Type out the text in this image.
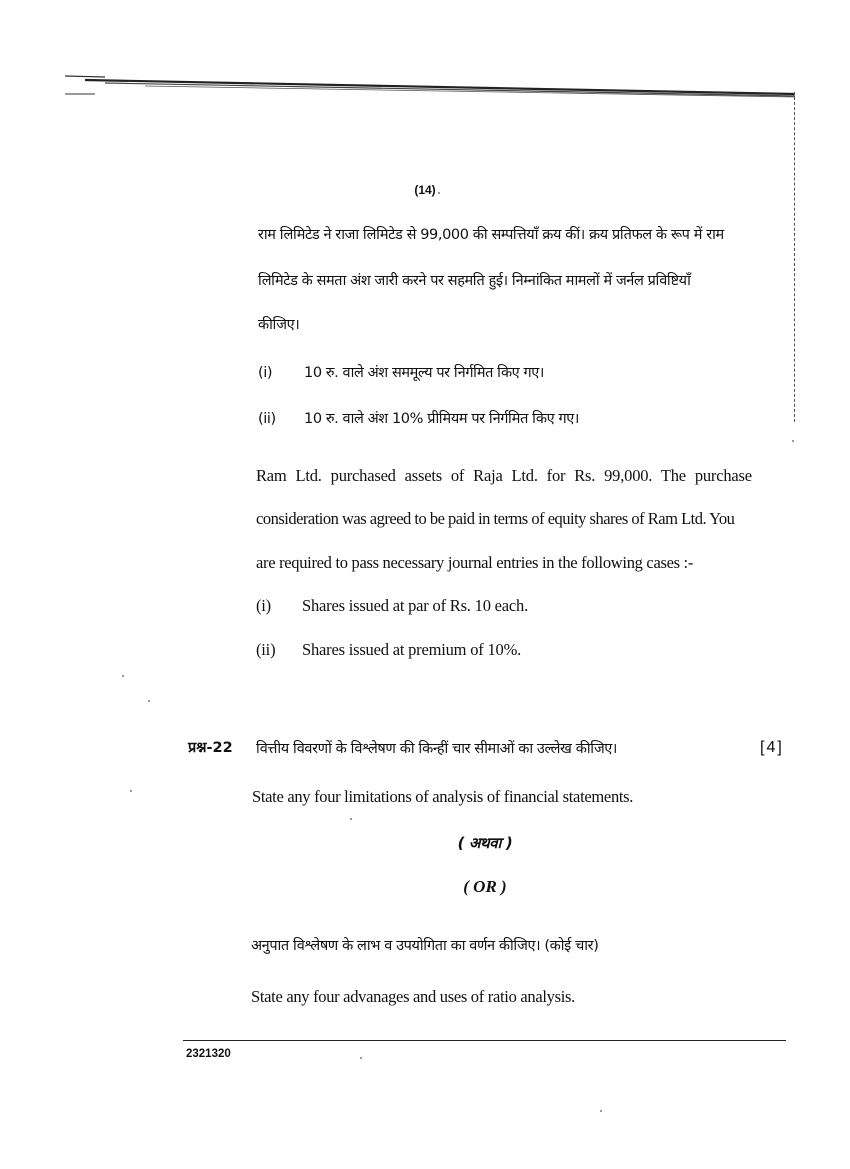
(14)
राम लिमिटेड ने राजा लिमिटेड से 99,000 की सम्पत्तियाँ क्रय कीं। क्रय प्रतिफल के रूप में राम
लिमिटेड के समता अंश जारी करने पर सहमति हुई। निम्नांकित मामलों में जर्नल प्रविष्टियाँ
कीजिए।
(i) 10 रु. वाले अंश सममूल्य पर निर्गमित किए गए।
(ii) 10 रु. वाले अंश 10% प्रीमियम पर निर्गमित किए गए।
Ram Ltd. purchased assets of Raja Ltd. for Rs. 99,000. The purchase
consideration was agreed to be paid in terms of equity shares of Ram Ltd. You
are required to pass necessary journal entries in the following cases :-
(i) Shares issued at par of Rs. 10 each.
(ii) Shares issued at premium of 10%.
प्रश्न-22 वित्तीय विवरणों के विश्लेषण की किन्हीं चार सीमाओं का उल्लेख कीजिए।	[4]
State any four limitations of analysis of financial statements.
( अथवा )
( OR )
अनुपात विश्लेषण के लाभ व उपयोगिता का वर्णन कीजिए। (कोई चार)
State any four advanages and uses of ratio analysis.
2321320
